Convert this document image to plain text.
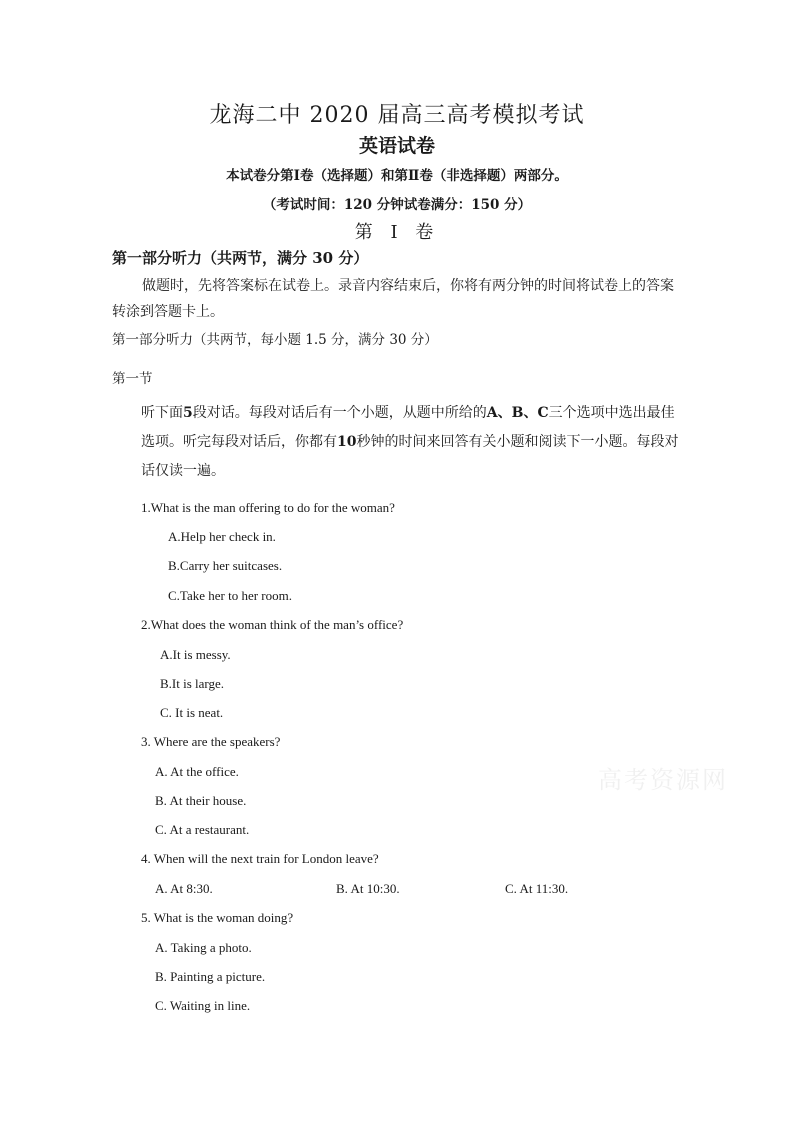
龙海二中 2020 届高三高考模拟考试
英语试卷
本试卷分第Ⅰ卷（选择题）和第Ⅱ卷（非选择题）两部分。
（考试时间：120 分钟试卷满分：150 分）
第 Ⅰ 卷
第一部分听力（共两节，满分 30 分）
做题时，先将答案标在试卷上。录音内容结束后，你将有两分钟的时间将试卷上的答案转涂到答题卡上。
第一部分听力（共两节，每小题 1.5 分，满分 30 分）
第一节
听下面5段对话。每段对话后有一个小题，从题中所给的A、B、C三个选项中选出最佳选项。听完每段对话后，你都有10秒钟的时间来回答有关小题和阅读下一小题。每段对话仅读一遍。
1.What is the man offering to do for the woman?
A.Help her check in.
B.Carry her suitcases.
C.Take her to her room.
2.What does the woman think of the man’s office?
A.It is messy.
B.It is large.
C. It is neat.
3. Where are the speakers?
A. At the office.
B. At their house.
C. At a restaurant.
4. When will the next train for London leave?
A. At 8:30.	B. At 10:30.	C. At 11:30.
5. What is the woman doing?
A. Taking a photo.
B. Painting a picture.
C. Waiting in line.
高考资源网
